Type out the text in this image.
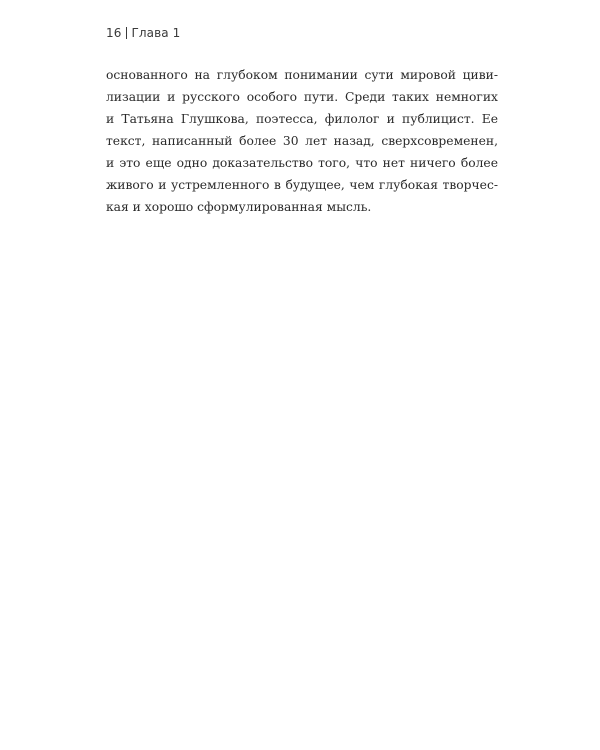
16 Глава 1
основанного на глубоком понимании сути мировой циви-
лизации и русского особого пути. Среди таких немногих
и Татьяна Глушкова, поэтесса, филолог и публицист. Ее
текст, написанный более 30 лет назад, сверхсовременен,
и это еще одно доказательство того, что нет ничего более
живого и устремленного в будущее, чем глубокая творчес-
кая и хорошо сформулированная мысль.
